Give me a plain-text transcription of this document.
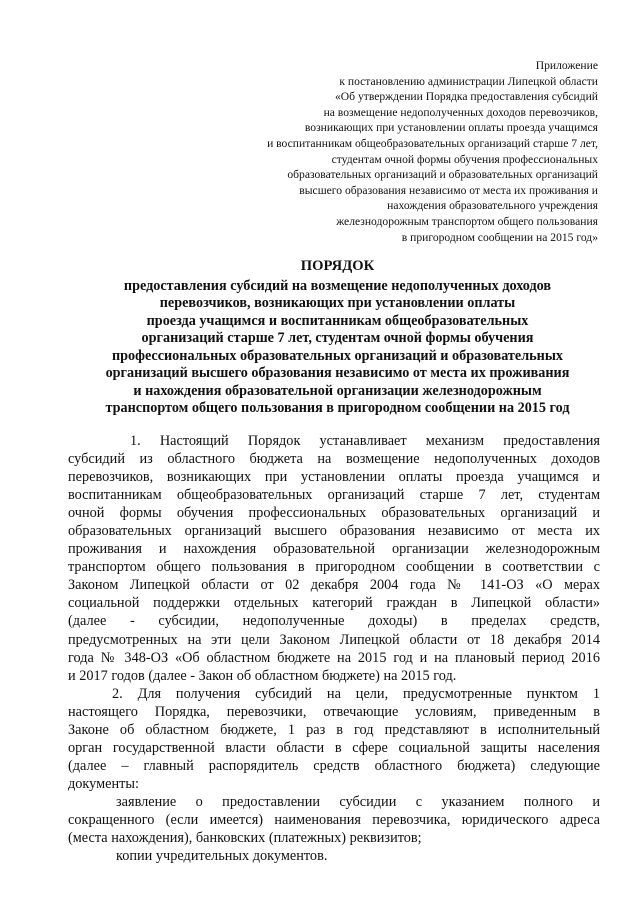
Приложение
к постановлению администрации Липецкой области
«Об утверждении Порядка предоставления субсидий
на возмещение недополученных доходов перевозчиков,
возникающих при установлении оплаты проезда учащимся
и воспитанникам общеобразовательных организаций старше 7 лет,
студентам очной формы обучения профессиональных
образовательных организаций и образовательных организаций
высшего образования независимо от места их проживания и
нахождения образовательного учреждения
железнодорожным транспортом общего пользования
в пригородном сообщении на 2015 год»
ПОРЯДОК
предоставления субсидий на возмещение недополученных доходов
перевозчиков, возникающих при установлении оплаты
проезда учащимся и воспитанникам общеобразовательных
организаций старше 7 лет, студентам очной формы обучения
профессиональных образовательных организаций и образовательных
организаций высшего образования независимо от места их проживания
и нахождения образовательной организации железнодорожным
транспортом общего пользования в пригородном сообщении на 2015 год
1. Настоящий Порядок устанавливает механизм предоставления
субсидий из областного бюджета на возмещение недополученных доходов
перевозчиков, возникающих при установлении оплаты проезда учащимся и
воспитанникам общеобразовательных организаций старше 7 лет, студентам
очной формы обучения профессиональных образовательных организаций и
образовательных организаций высшего образования независимо от места их
проживания и нахождения образовательной организации железнодорожным
транспортом общего пользования в пригородном сообщении в соответствии с
Законом Липецкой области от 02 декабря 2004 года № 141-ОЗ «О мерах
социальной поддержки отдельных категорий граждан в Липецкой области»
(далее - субсидии, недополученные доходы) в пределах средств,
предусмотренных на эти цели Законом Липецкой области от 18 декабря 2014
года № 348-ОЗ «Об областном бюджете на 2015 год и на плановый период 2016
и 2017 годов (далее - Закон об областном бюджете) на 2015 год.
2. Для получения субсидий на цели, предусмотренные пунктом 1
настоящего Порядка, перевозчики, отвечающие условиям, приведенным в
Законе об областном бюджете, 1 раз в год представляют в исполнительный
орган государственной власти области в сфере социальной защиты населения
(далее – главный распорядитель средств областного бюджета) следующие
документы:
заявление о предоставлении субсидии с указанием полного и
сокращенного (если имеется) наименования перевозчика, юридического адреса
(места нахождения), банковских (платежных) реквизитов;
копии учредительных документов.
